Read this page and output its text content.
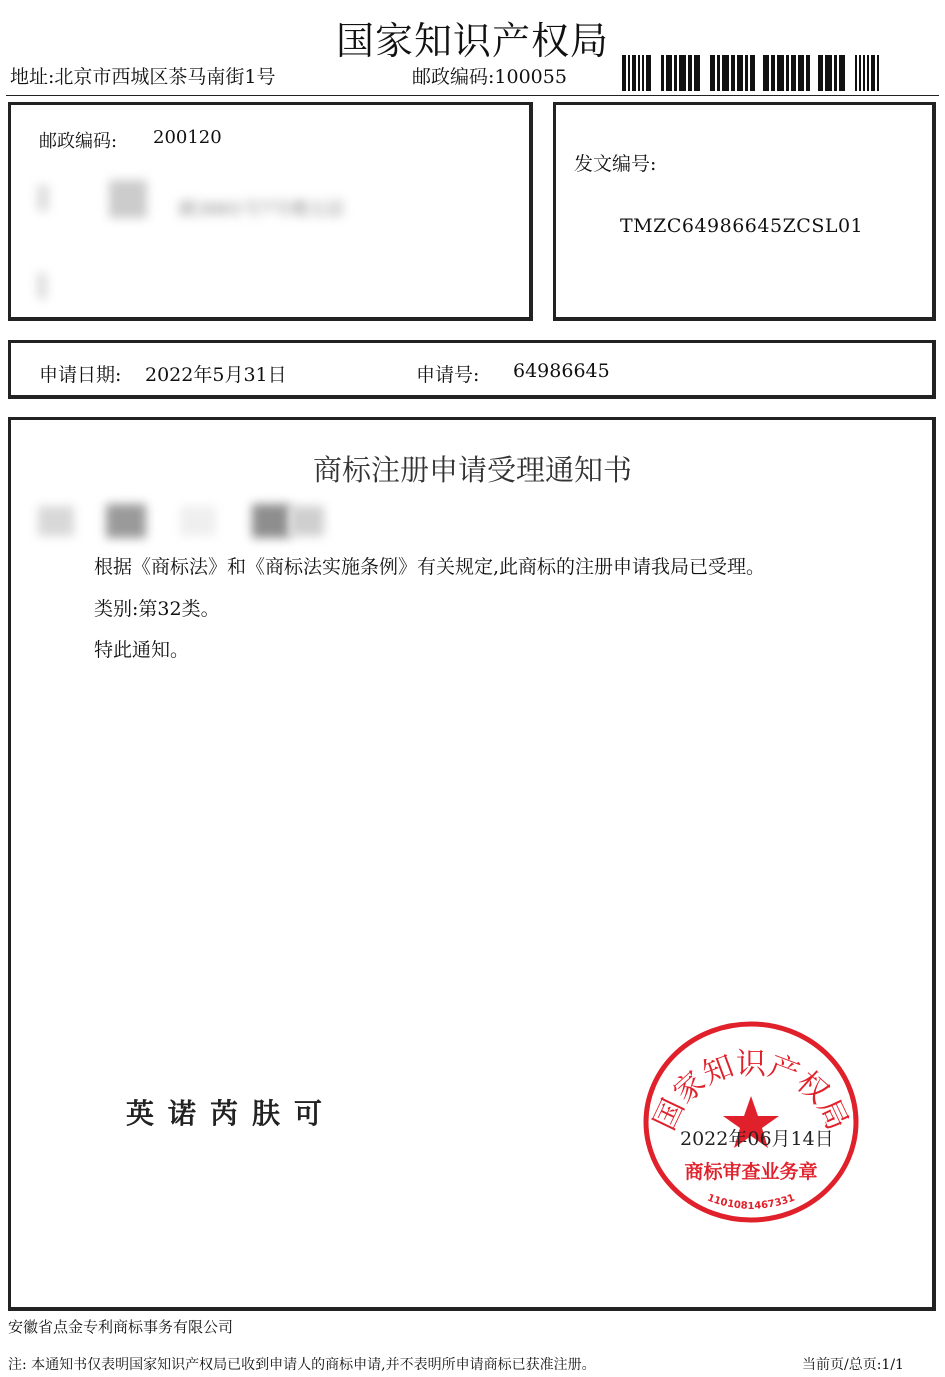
国家知识产权局
地址:北京市西城区茶马南街1号	邮政编码:100055
邮政编码: 200120
路3001号7号楼五层
发文编号:
TMZC64986645ZCSL01
申请日期: 2022年5月31日	申请号: 64986645
商标注册申请受理通知书
根据《商标法》和《商标法实施条例》有关规定,此商标的注册申请我局已受理。
类别:第32类。
特此通知。
英诺芮肤可	国家知识产权局
商标审查业务章
1101081467331
2022年06月14日
安徽省点金专利商标事务有限公司
注: 本通知书仅表明国家知识产权局已收到申请人的商标申请,并不表明所申请商标已获准注册。	当前页/总页:1/1
